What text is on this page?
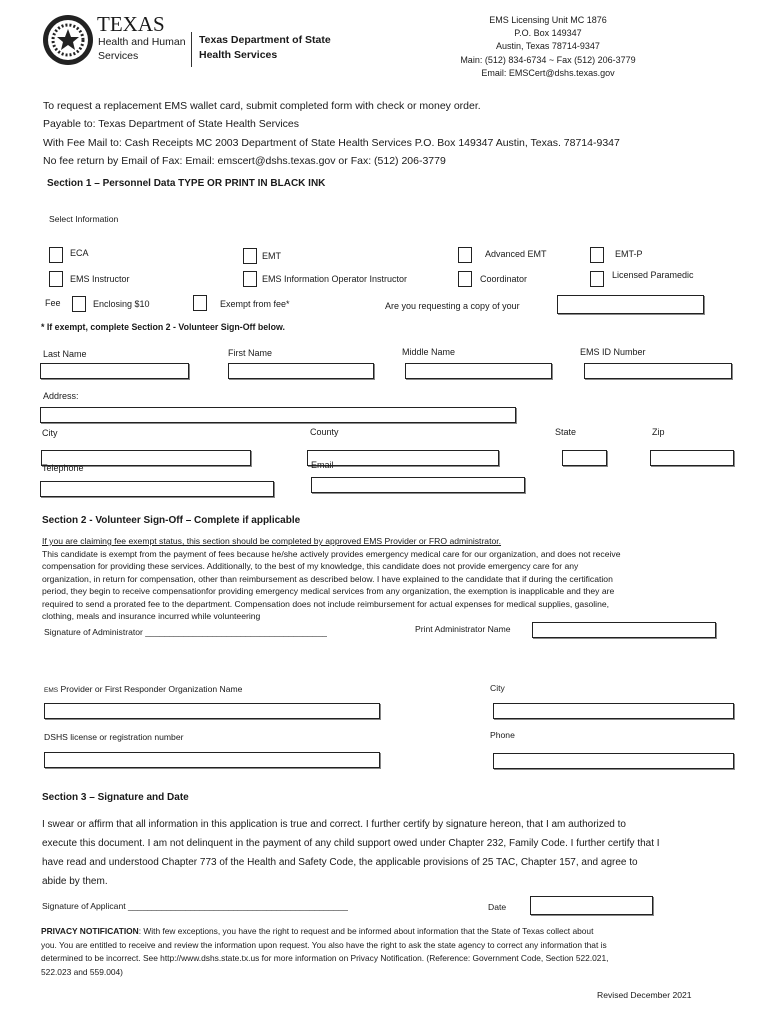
TEXAS
Health and Human
Services
Texas Department of State
Health Services
EMS Licensing Unit MC 1876
P.O. Box 149347
Austin, Texas 78714-9347
Main: (512) 834-6734 ~ Fax (512) 206-3779
Email: EMSCert@dshs.texas.gov
To request a replacement EMS wallet card, submit completed form with check or money order.
Payable to: Texas Department of State Health Services
With Fee Mail to: Cash Receipts MC 2003 Department of State Health Services P.O. Box 149347 Austin, Texas. 78714-9347
No fee return by Email of Fax: Email: emscert@dshs.texas.gov or Fax: (512) 206-3779
Section 1 – Personnel Data TYPE OR PRINT IN BLACK INK
Select Information
ECA	EMT	Advanced EMT	EMT-P
EMS Instructor	EMS Information Operator Instructor	Coordinator	Licensed Paramedic
Fee	Enclosing $10	Exempt from fee*	Are you requesting a copy of your
* If exempt, complete Section 2 - Volunteer Sign-Off below.
Last Name	First Name	Middle Name	EMS ID Number
Address:
City	County	State	Zip
Telephone	Email
Section 2 - Volunteer Sign-Off – Complete if applicable
If you are claiming fee exempt status, this section should be completed by approved EMS Provider or FRO administrator.
This candidate is exempt from the payment of fees because he/she actively provides emergency medical care for our organization, and does not receive
compensation for providing these services. Additionally, to the best of my knowledge, this candidate does not provide emergency care for any
organization, in return for compensation, other than reimbursement as described below. I have explained to the candidate that if during the certification
period, they begin to receive compensationfor providing emergency medical services from any organization, the exemption is inapplicable and they are
required to send a prorated fee to the department. Compensation does not include reimbursement for actual expenses for medical supplies, gasoline,
clothing, meals and insurance incurred while volunteering
Signature of Administrator ______________________________________	Print Administrator Name
EMS Provider or First Responder Organization Name	City
DSHS license or registration number	Phone
Section 3 – Signature and Date
I swear or affirm that all information in this application is true and correct. I further certify by signature hereon, that I am authorized to
execute this document. I am not delinquent in the payment of any child support owed under Chapter 232, Family Code. I further certify that I
have read and understood Chapter 773 of the Health and Safety Code, the applicable provisions of 25 TAC, Chapter 157, and agree to
abide by them.
Signature of Applicant ______________________________________________	Date
PRIVACY NOTIFICATION: With few exceptions, you have the right to request and be informed about information that the State of Texas collect about
you. You are entitled to receive and review the information upon request. You also have the right to ask the state agency to correct any information that is
determined to be incorrect. See http://www.dshs.state.tx.us for more information on Privacy Notification. (Reference: Government Code, Section 522.021,
522.023 and 559.004)
Revised December 2021
